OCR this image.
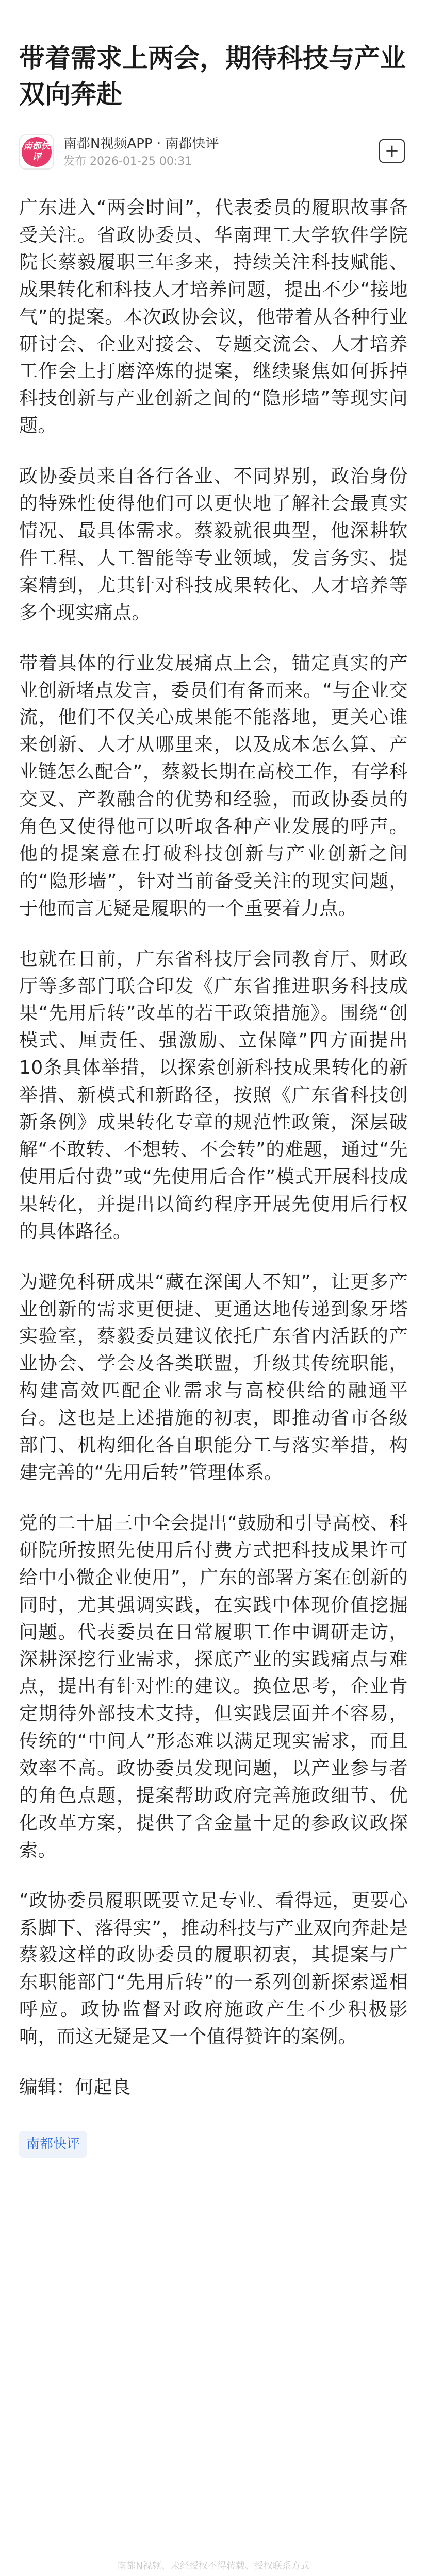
带着需求上两会，期待科技与产业双向奔赴
南都快评
南都N视频APP · 南都快评
发布 2026-01-25 00:31
+

广东进入“两会时间”，代表委员的履职故事备受关注。省政协委员、华南理工大学软件学院院长蔡毅履职三年多来，持续关注科技赋能、成果转化和科技人才培养问题，提出不少“接地气”的提案。本次政协会议，他带着从各种行业研讨会、企业对接会、专题交流会、人才培养工作会上打磨淬炼的提案，继续聚焦如何拆掉科技创新与产业创新之间的“隐形墙”等现实问题。

政协委员来自各行各业、不同界别，政治身份的特殊性使得他们可以更快地了解社会最真实情况、最具体需求。蔡毅就很典型，他深耕软件工程、人工智能等专业领域，发言务实、提案精到，尤其针对科技成果转化、人才培养等多个现实痛点。

带着具体的行业发展痛点上会，锚定真实的产业创新堵点发言，委员们有备而来。“与企业交流，他们不仅关心成果能不能落地，更关心谁来创新、人才从哪里来，以及成本怎么算、产业链怎么配合”，蔡毅长期在高校工作，有学科交叉、产教融合的优势和经验，而政协委员的角色又使得他可以听取各种产业发展的呼声。他的提案意在打破科技创新与产业创新之间的“隐形墙”，针对当前备受关注的现实问题，于他而言无疑是履职的一个重要着力点。

也就在日前，广东省科技厅会同教育厅、财政厅等多部门联合印发《广东省推进职务科技成果“先用后转”改革的若干政策措施》。围绕“创模式、厘责任、强激励、立保障”四方面提出10条具体举措，以探索创新科技成果转化的新举措、新模式和新路径，按照《广东省科技创新条例》成果转化专章的规范性政策，深层破解“不敢转、不想转、不会转”的难题，通过“先使用后付费”或“先使用后合作”模式开展科技成果转化，并提出以简约程序开展先使用后行权的具体路径。

为避免科研成果“藏在深闺人不知”，让更多产业创新的需求更便捷、更通达地传递到象牙塔实验室，蔡毅委员建议依托广东省内活跃的产业协会、学会及各类联盟，升级其传统职能，构建高效匹配企业需求与高校供给的融通平台。这也是上述措施的初衷，即推动省市各级部门、机构细化各自职能分工与落实举措，构建完善的“先用后转”管理体系。

党的二十届三中全会提出“鼓励和引导高校、科研院所按照先使用后付费方式把科技成果许可给中小微企业使用”，广东的部署方案在创新的同时，尤其强调实践，在实践中体现价值挖掘问题。代表委员在日常履职工作中调研走访，深耕深挖行业需求，探底产业的实践痛点与难点，提出有针对性的建议。换位思考，企业肯定期待外部技术支持，但实践层面并不容易，传统的“中间人”形态难以满足现实需求，而且效率不高。政协委员发现问题，以产业参与者的角色点题，提案帮助政府完善施政细节、优化改革方案，提供了含金量十足的参政议政探索。

“政协委员履职既要立足专业、看得远，更要心系脚下、落得实”，推动科技与产业双向奔赴是蔡毅这样的政协委员的履职初衷，其提案与广东职能部门“先用后转”的一系列创新探索遥相呼应。政协监督对政府施政产生不少积极影响，而这无疑是又一个值得赞许的案例。

编辑：何起良
南都快评
南都N视频、未经授权不得转载、授权联系方式
